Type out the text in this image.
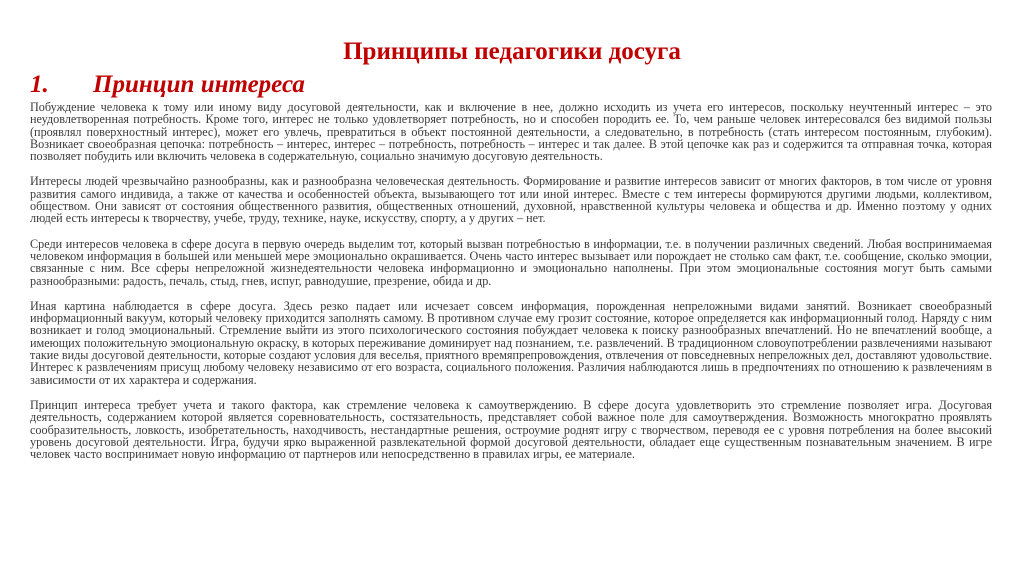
Принципы педагогики досуга
1. Принцип интереса

Побуждение человека к тому или иному виду досуговой деятельности, как и включение в нее, должно исходить из учета его интересов, поскольку неучтенный интерес – это неудовлетворенная потребность. Кроме того, интерес не только удовлетворяет потребность, но и способен породить ее. То, чем раньше человек интересовался без видимой пользы (проявлял поверхностный интерес), может его увлечь, превратиться в объект постоянной деятельности, а следовательно, в потребность (стать интересом постоянным, глубоким). Возникает своеобразная цепочка: потребность – интерес, интерес – потребность, потребность – интерес и так далее. В этой цепочке как раз и содержится та отправная точка, которая позволяет побудить или включить человека в содержательную, социально значимую досуговую деятельность.

Интересы людей чрезвычайно разнообразны, как и разнообразна человеческая деятельность. Формирование и развитие интересов зависит от многих факторов, в том числе от уровня развития самого индивида, а также от качества и особенностей объекта, вызывающего тот или иной интерес. Вместе с тем интересы формируются другими людьми, коллективом, обществом. Они зависят от состояния общественного развития, общественных отношений, духовной, нравственной культуры человека и общества и др. Именно поэтому у одних людей есть интересы к творчеству, учебе, труду, технике, науке, искусству, спорту, а у других – нет.

Среди интересов человека в сфере досуга в первую очередь выделим тот, который вызван потребностью в информации, т.е. в получении различных сведений. Любая воспринимаемая человеком информация в большей или меньшей мере эмоционально окрашивается. Очень часто интерес вызывает или порождает не столько сам факт, т.е. сообщение, сколько эмоции, связанные с ним. Все сферы непреложной жизнедеятельности человека информационно и эмоционально наполнены. При этом эмоциональные состояния могут быть самыми разнообразными: радость, печаль, стыд, гнев, испуг, равнодушие, презрение, обида и др.

Иная картина наблюдается в сфере досуга. Здесь резко падает или исчезает совсем информация, порожденная непреложными видами занятий. Возникает своеобразный информационный вакуум, который человеку приходится заполнять самому. В противном случае ему грозит состояние, которое определяется как информационный голод. Наряду с ним возникает и голод эмоциональный. Стремление выйти из этого психологического состояния побуждает человека к поиску разнообразных впечатлений. Но не впечатлений вообще, а имеющих положительную эмоциональную окраску, в которых переживание доминирует над познанием, т.е. развлечений. В традиционном словоупотреблении развлечениями называют такие виды досуговой деятельности, которые создают условия для веселья, приятного времяпрепровождения, отвлечения от повседневных непреложных дел, доставляют удовольствие. Интерес к развлечениям присущ любому человеку независимо от его возраста, социального положения. Различия наблюдаются лишь в предпочтениях по отношению к развлечениям в зависимости от их характера и содержания.

Принцип интереса требует учета и такого фактора, как стремление человека к самоутверждению. В сфере досуга удовлетворить это стремление позволяет игра. Досуговая деятельность, содержанием которой является соревновательность, состязательность, представляет собой важное поле для самоутверждения. Возможность многократно проявлять сообразительность, ловкость, изобретательность, находчивость, нестандартные решения, остроумие роднят игру с творчеством, переводя ее с уровня потребления на более высокий уровень досуговой деятельности. Игра, будучи ярко выраженной развлекательной формой досуговой деятельности, обладает еще существенным познавательным значением. В игре человек часто воспринимает новую информацию от партнеров или непосредственно в правилах игры, ее материале.
